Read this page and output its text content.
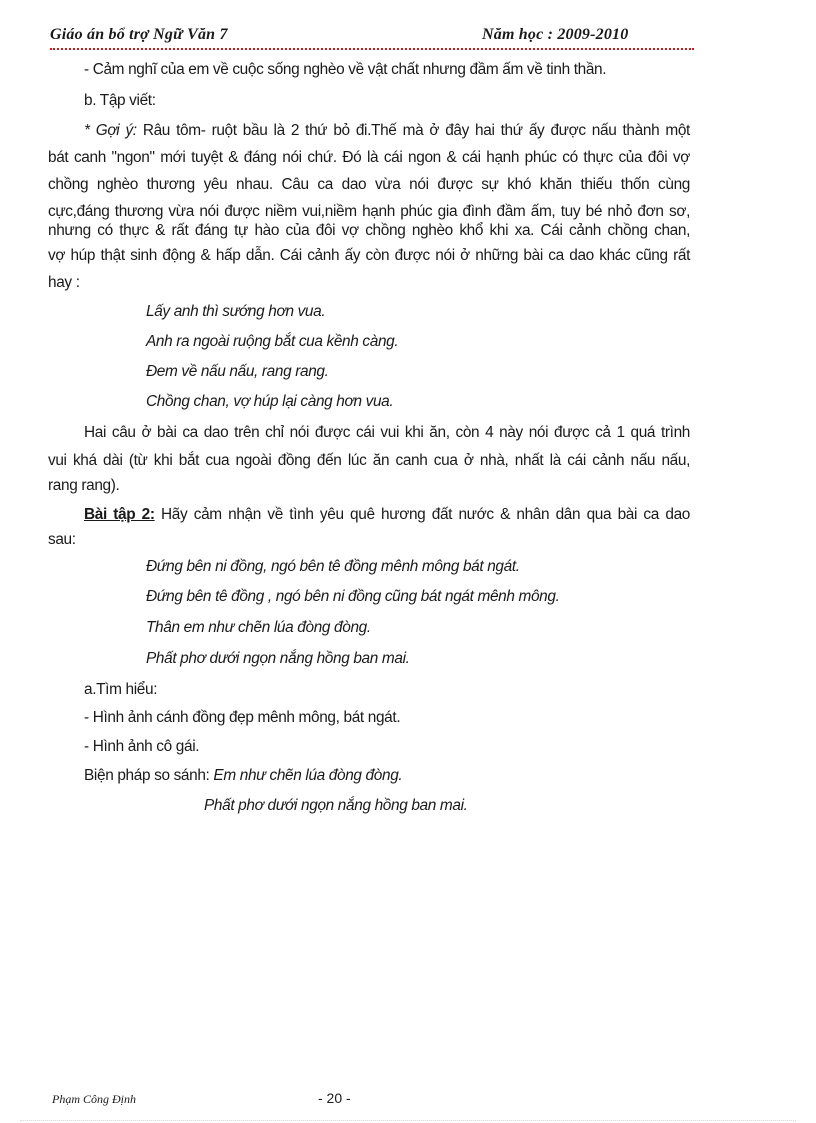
Giáo án bổ trợ Ngữ Văn 7	Năm học : 2009-2010
- Cảm nghĩ của em về cuộc sống nghèo về vật chất nhưng đầm ấm về tinh thần.
b. Tập viết:
* Gợi ý: Râu tôm- ruột bầu là 2 thứ bỏ đi.Thế mà ở đây hai thứ ấy được nấu thành một
bát canh "ngon" mới tuyệt & đáng nói chứ. Đó là cái ngon & cái hạnh phúc có thực của đôi vợ
chồng nghèo thương yêu nhau. Câu ca dao vừa nói được sự khó khăn thiếu thốn cùng
cực,đáng thương vừa nói được niềm vui,niềm hạnh phúc gia đình đầm ấm, tuy bé nhỏ đơn sơ,
nhưng có thực & rất đáng tự hào của đôi vợ chồng nghèo khổ khi xa. Cái cảnh chồng chan,
vợ húp thật sinh động & hấp dẫn. Cái cảnh ấy còn được nói ở những bài ca dao khác cũng rất
hay :
Lấy anh thì sướng hơn vua.
Anh ra ngoài ruộng bắt cua kềnh càng.
Đem về nấu nấu, rang rang.
Chồng chan, vợ húp lại càng hơn vua.
Hai câu ở bài ca dao trên chỉ nói được cái vui khi ăn, còn 4 này nói được cả 1 quá trình
vui khá dài (từ khi bắt cua ngoài đồng đến lúc ăn canh cua ở nhà, nhất là cái cảnh nấu nấu,
rang rang).
Bài tập 2: Hãy cảm nhận về tình yêu quê hương đất nước & nhân dân qua bài ca dao
sau:
Đứng bên ni đồng, ngó bên tê đồng mênh mông bát ngát.
Đứng bên tê đồng , ngó bên ni đồng cũng bát ngát mênh mông.
Thân em như chẽn lúa đòng đòng.
Phất phơ dưới ngọn nắng hồng ban mai.
a.Tìm hiểu:
- Hình ảnh cánh đồng đẹp mênh mông, bát ngát.
- Hình ảnh cô gái.
Biện pháp so sánh: Em như chẽn lúa đòng đòng.
Phất phơ dưới ngọn nắng hồng ban mai.
Phạm Công Định	- 20 -
